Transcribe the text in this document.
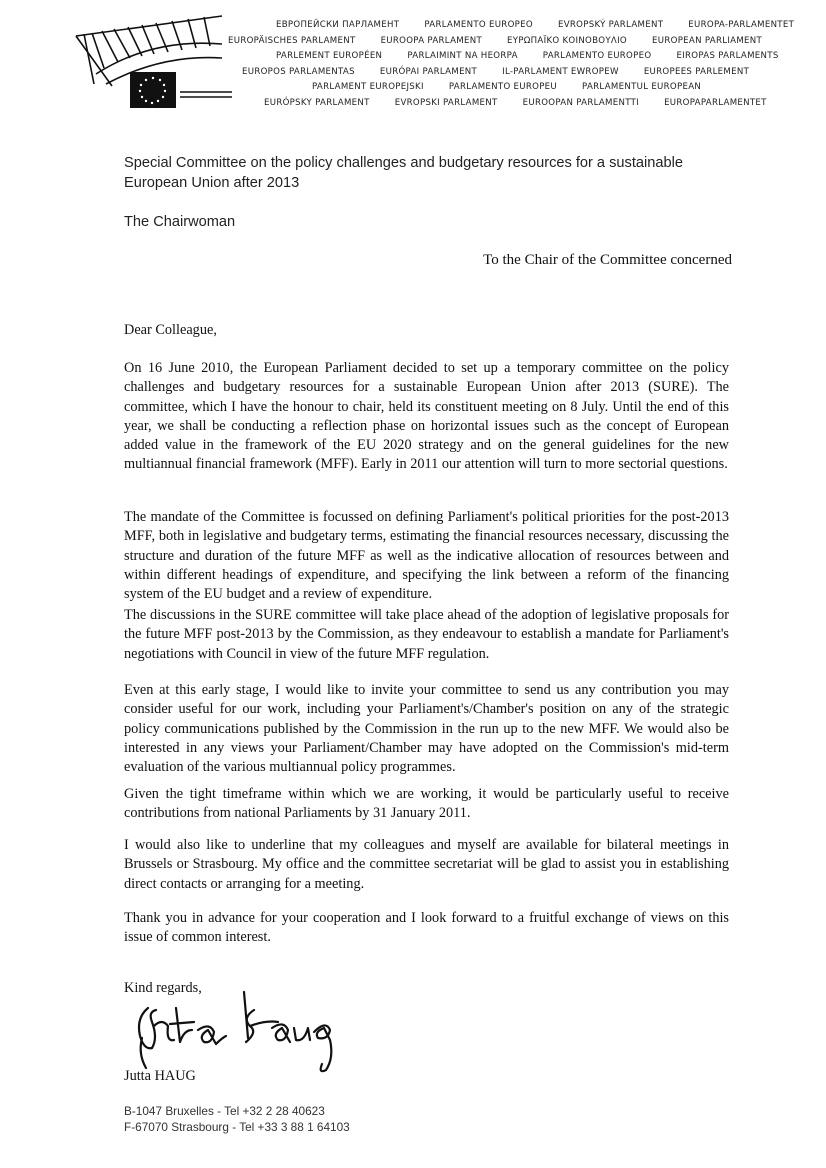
ЕВРОПЕЙСКИ ПАРЛАМЕНТ	PARLAMENTO EUROPEO	EVROPSKÝ PARLAMENT	EUROPA-PARLAMENTET
EUROPÄISCHES PARLAMENT	EUROOPA PARLAMENT	ΕΥΡΩΠΑΪΚΟ ΚΟΙΝΟΒΟΥΛΙΟ	EUROPEAN PARLIAMENT
PARLEMENT EUROPÉEN	PARLAIMINT NA HEORPA	PARLAMENTO EUROPEO	EIROPAS PARLAMENTS
EUROPOS PARLAMENTAS	EURÓPAI PARLAMENT	IL-PARLAMENT EWROPEW	EUROPEES PARLEMENT
PARLAMENT EUROPEJSKI	PARLAMENTO EUROPEU	PARLAMENTUL EUROPEAN
EURÓPSKY PARLAMENT	EVROPSKI PARLAMENT	EUROOPAN PARLAMENTTI	EUROPAPARLAMENTET
Special Committee on the policy challenges and budgetary resources for a sustainable European Union after 2013
The Chairwoman
To the Chair of the Committee concerned
Dear Colleague,

On 16 June 2010, the European Parliament decided to set up a temporary committee on the policy challenges and budgetary resources for a sustainable European Union after 2013 (SURE). The committee, which I have the honour to chair, held its constituent meeting on 8 July. Until the end of this year, we shall be conducting a reflection phase on horizontal issues such as the concept of European added value in the framework of the EU 2020 strategy and on the general guidelines for the new multiannual financial framework (MFF). Early in 2011 our attention will turn to more sectorial questions.

The mandate of the Committee is focussed on defining Parliament's political priorities for the post-2013 MFF, both in legislative and budgetary terms, estimating the financial resources necessary, discussing the structure and duration of the future MFF as well as the indicative allocation of resources between and within different headings of expenditure, and specifying the link between a reform of the financing system of the EU budget and a review of expenditure.

The discussions in the SURE committee will take place ahead of the adoption of legislative proposals for the future MFF post-2013 by the Commission, as they endeavour to establish a mandate for Parliament's negotiations with Council in view of the future MFF regulation.

Even at this early stage, I would like to invite your committee to send us any contribution you may consider useful for our work, including your Parliament's/Chamber's position on any of the strategic policy communications published by the Commission in the run up to the new MFF. We would also be interested in any views your Parliament/Chamber may have adopted on the Commission's mid-term evaluation of the various multiannual policy programmes.

Given the tight timeframe within which we are working, it would be particularly useful to receive contributions from national Parliaments by 31 January 2011.

I would also like to underline that my colleagues and myself are available for bilateral meetings in Brussels or Strasbourg. My office and the committee secretariat will be glad to assist you in establishing direct contacts or arranging for a meeting.

Thank you in advance for your cooperation and I look forward to a fruitful exchange of views on this issue of common interest.

Kind regards,
Jutta HAUG
B-1047 Bruxelles - Tel +32 2 28 40623
F-67070 Strasbourg - Tel +33 3 88 1 64103
